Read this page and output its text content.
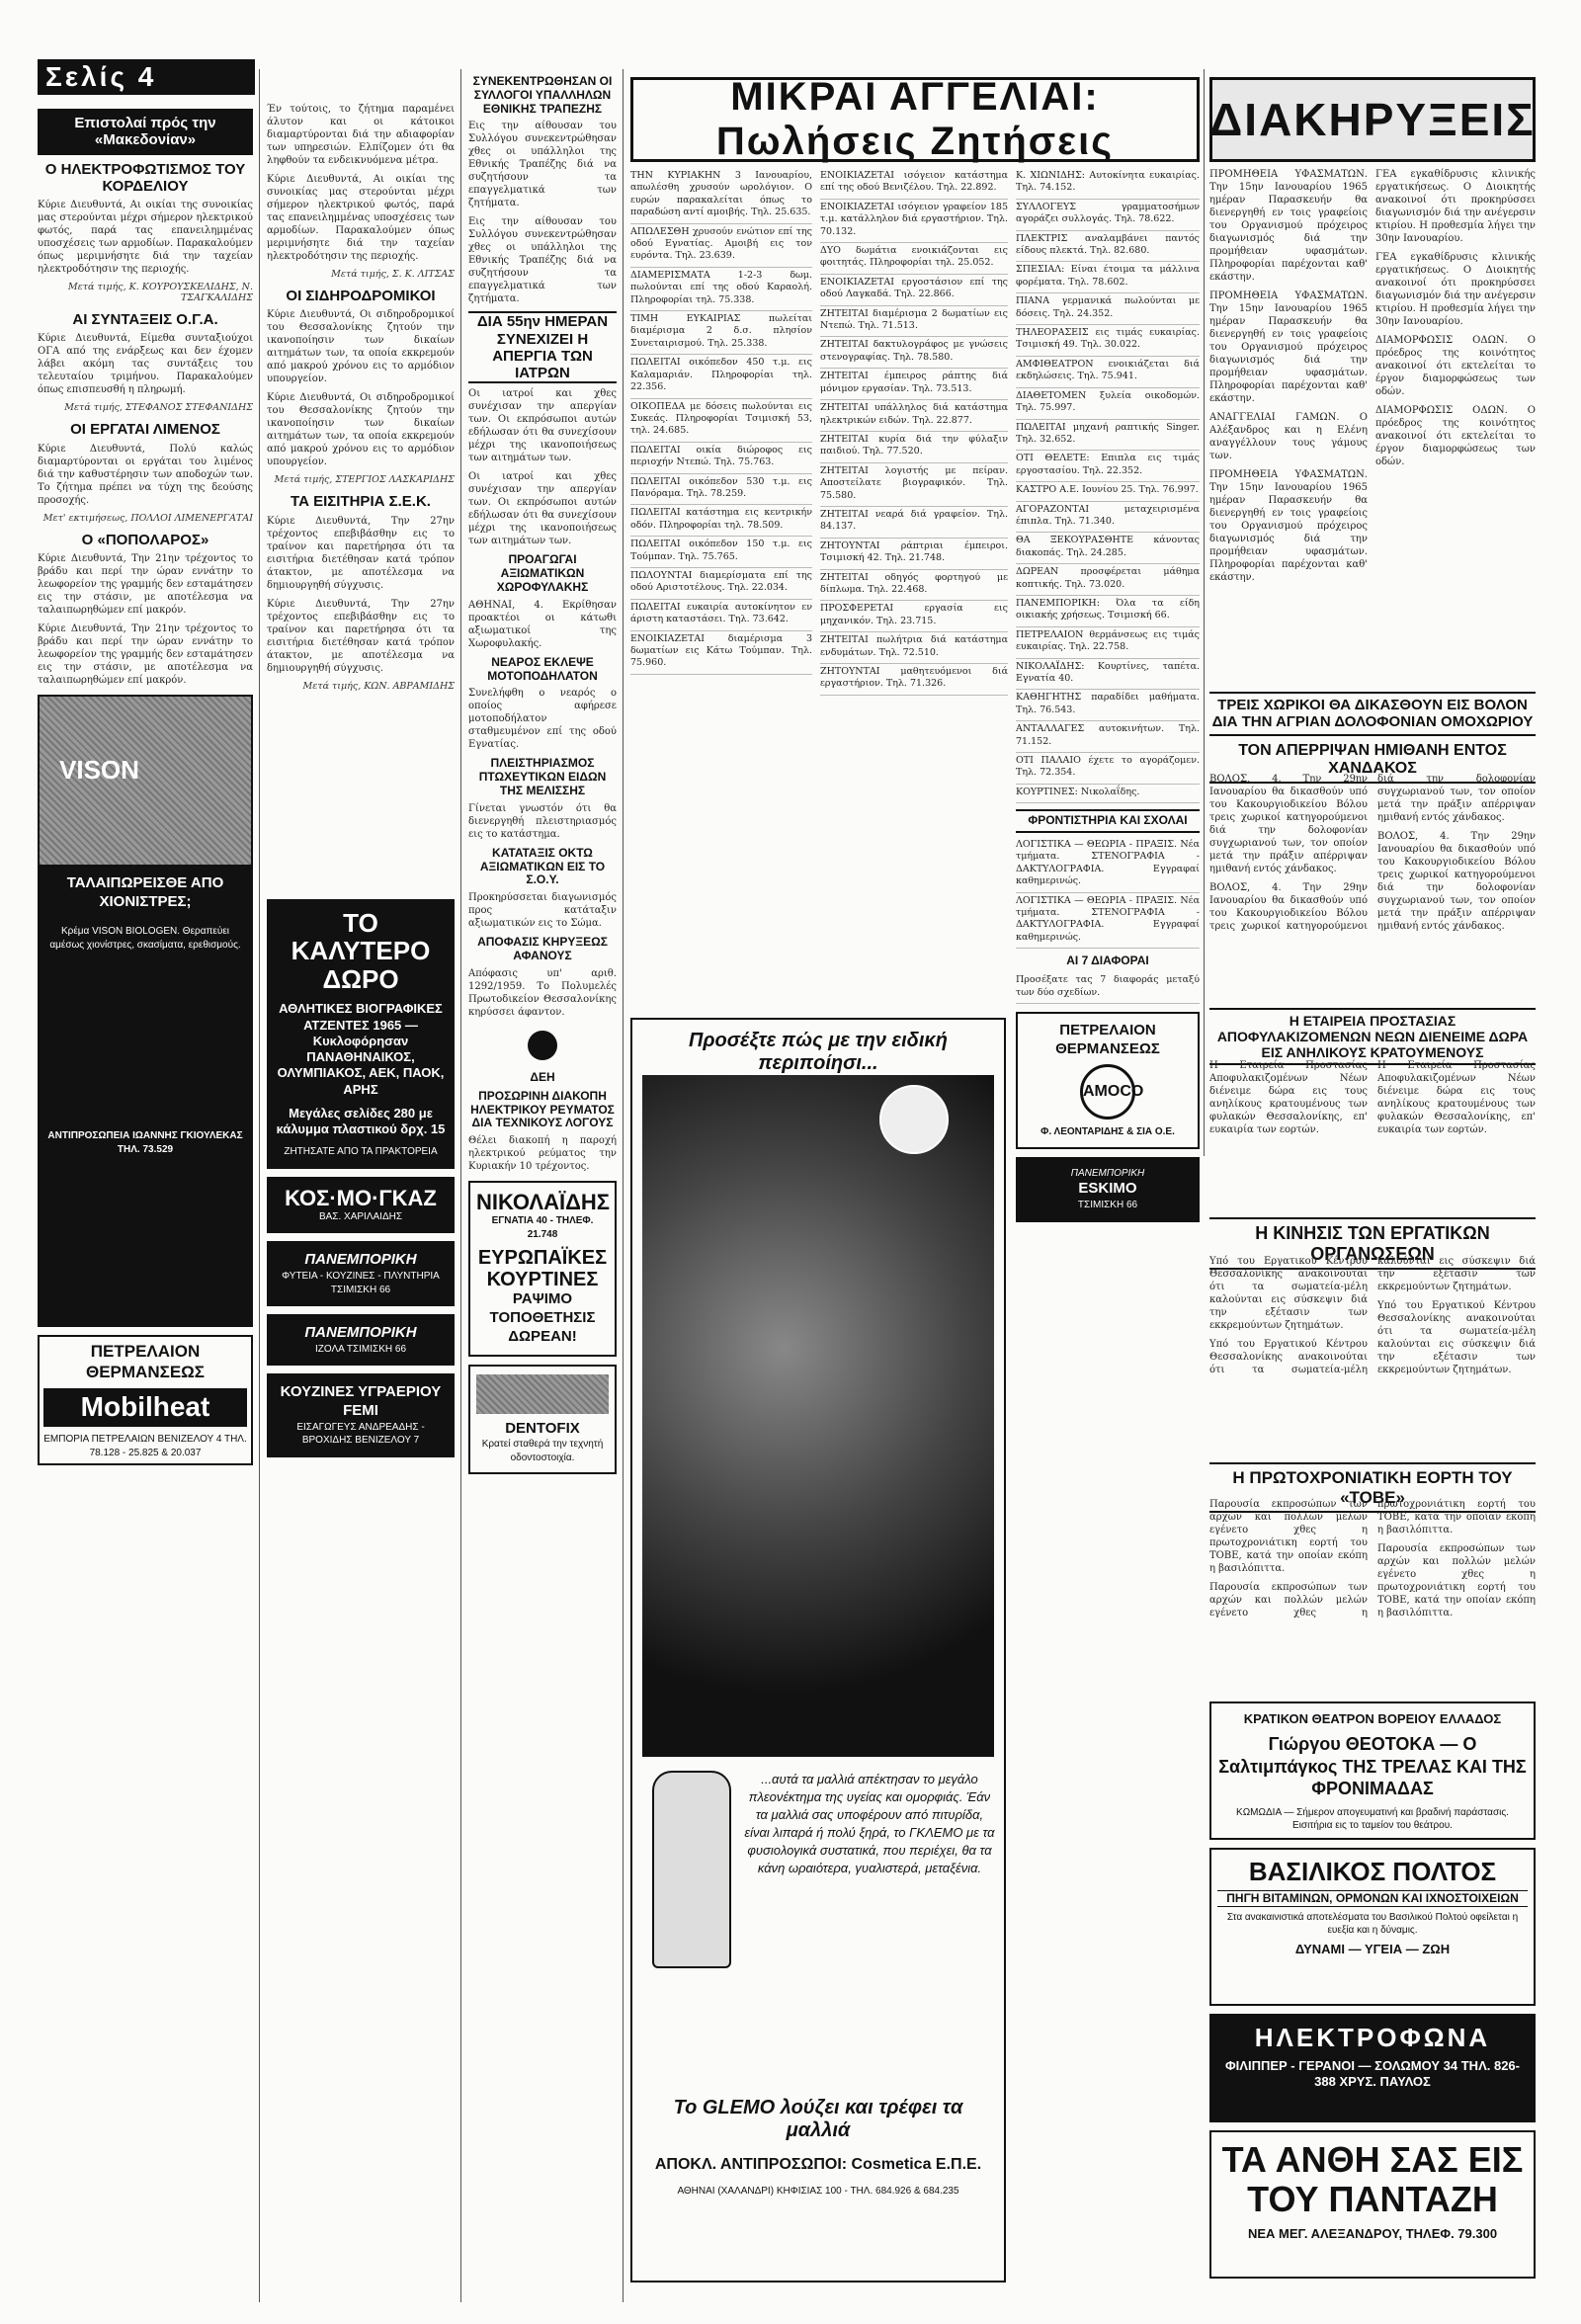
Σελίς 4	ΜΙΚΡΑΙ ΑΓΓΕΛΙΑΙ: Πωλήσεις Ζητήσεις	ΔΙΑΚΗΡΥΞΕΙΣ
Επιστολαί πρός την «Μακεδονίαν»
Ο ΗΛΕΚΤΡΟΦΩΤΙΣΜΟΣ ΤΟΥ ΚΟΡΔΕΛΙΟΥ

Κύριε Διευθυντά, Αι οικίαι της συνοικίας μας στερούνται μέχρι σήμερον ηλεκτρικού φωτός, παρά τας επανειλημμένας υποσχέσεις των αρμοδίων. Παρακαλούμεν όπως μεριμνήσητε διά την ταχείαν ηλεκτροδότησιν της περιοχής.

Μετά τιμής, Κ. ΚΟΥΡΟΥΣΚΕΛΙΔΗΣ, Ν. ΤΣΑΓΚΑΛΙΔΗΣ

ΑΙ ΣΥΝΤΑΞΕΙΣ Ο.Γ.Α.

Κύριε Διευθυντά, Είμεθα συνταξιούχοι ΟΓΑ από της ενάρξεως και δεν έχομεν λάβει ακόμη τας συντάξεις του τελευταίου τριμήνου. Παρακαλούμεν όπως επισπευσθή η πληρωμή.

Μετά τιμής, ΣΤΕΦΑΝΟΣ ΣΤΕΦΑΝΙΔΗΣ

ΟΙ ΕΡΓΑΤΑΙ ΛΙΜΕΝΟΣ

Κύριε Διευθυντά, Πολύ καλώς διαμαρτύρονται οι εργάται του λιμένος διά την καθυστέρησιν των αποδοχών των. Το ζήτημα πρέπει να τύχη της δεούσης προσοχής.

Μετ' εκτιμήσεως, ΠΟΛΛΟΙ ΛΙΜΕΝΕΡΓΑΤΑΙ

Ο «ΠΟΠΟΛΑΡΟΣ»

Κύριε Διευθυντά, Την 21ην τρέχοντος το βράδυ και περί την ώραν εννάτην το λεωφορείον της γραμμής δεν εσταμάτησεν εις την στάσιν, με αποτέλεσμα να ταλαιπωρηθώμεν επί μακρόν.

Κύριε Διευθυντά, Την 21ην τρέχοντος το βράδυ και περί την ώραν εννάτην το λεωφορείον της γραμμής δεν εσταμάτησεν εις την στάσιν, με αποτέλεσμα να ταλαιπωρηθώμεν επί μακρόν.

VISON
ΤΑΛΑΙΠΩΡΕΙΣΘΕ ΑΠΟ ΧΙΟΝΙΣΤΡΕΣ;
Κρέμα VISON BIOLOGEN. Θεραπεύει αμέσως χιονίστρες, σκασίματα, ερεθισμούς.
ΑΝΤΙΠΡΟΣΩΠΕΙΑ ΙΩΑΝΝΗΣ ΓΚΙΟΥΛΕΚΑΣ ΤΗΛ. 73.529
ΠΕΤΡΕΛΑΙΟΝ ΘΕΡΜΑΝΣΕΩΣ
Mobilheat
ΕΜΠΟΡΙΑ ΠΕΤΡΕΛΑΙΩΝ ΒΕΝΙΖΕΛΟΥ 4 ΤΗΛ. 78.128 - 25.825 & 20.037

Έν τούτοις, το ζήτημα παραμένει άλυτον και οι κάτοικοι διαμαρτύρονται διά την αδιαφορίαν των υπηρεσιών. Ελπίζομεν ότι θα ληφθούν τα ενδεικνυόμενα μέτρα.

Κύριε Διευθυντά, Αι οικίαι της συνοικίας μας στερούνται μέχρι σήμερον ηλεκτρικού φωτός, παρά τας επανειλημμένας υποσχέσεις των αρμοδίων. Παρακαλούμεν όπως μεριμνήσητε διά την ταχείαν ηλεκτροδότησιν της περιοχής.

Μετά τιμής, Σ. Κ. ΛΙΤΣΑΣ

ΟΙ ΣΙΔΗΡΟΔΡΟΜΙΚΟΙ

Κύριε Διευθυντά, Οι σιδηροδρομικοί του Θεσσαλονίκης ζητούν την ικανοποίησιν των δικαίων αιτημάτων των, τα οποία εκκρεμούν από μακρού χρόνου εις το αρμόδιον υπουργείον.

Κύριε Διευθυντά, Οι σιδηροδρομικοί του Θεσσαλονίκης ζητούν την ικανοποίησιν των δικαίων αιτημάτων των, τα οποία εκκρεμούν από μακρού χρόνου εις το αρμόδιον υπουργείον.

Μετά τιμής, ΣΤΕΡΓΙΟΣ ΛΑΣΚΑΡΙΔΗΣ

ΤΑ ΕΙΣΙΤΗΡΙΑ Σ.Ε.Κ.

Κύριε Διευθυντά, Την 27ην τρέχοντος επεβιβάσθην εις το τραίνον και παρετήρησα ότι τα εισιτήρια διετέθησαν κατά τρόπον άτακτον, με αποτέλεσμα να δημιουργηθή σύγχυσις.

Κύριε Διευθυντά, Την 27ην τρέχοντος επεβιβάσθην εις το τραίνον και παρετήρησα ότι τα εισιτήρια διετέθησαν κατά τρόπον άτακτον, με αποτέλεσμα να δημιουργηθή σύγχυσις.

Μετά τιμής, ΚΩΝ. ΑΒΡΑΜΙΔΗΣ

ΤΟ ΚΑΛΥΤΕΡΟ ΔΩΡΟ
ΑΘΛΗΤΙΚΕΣ ΒΙΟΓΡΑΦΙΚΕΣ ΑΤΖΕΝΤΕΣ 1965 — Κυκλοφόρησαν ΠΑΝΑΘΗΝΑΙΚΟΣ, ΟΛΥΜΠΙΑΚΟΣ, ΑΕΚ, ΠΑΟΚ, ΑΡΗΣ
Μεγάλες σελίδες 280 με κάλυμμα πλαστικού δρχ. 15
ΖΗΤΗΣΑΤΕ ΑΠΟ ΤΑ ΠΡΑΚΤΟΡΕΙΑ
ΚΟΣ·ΜΟ·ΓΚΑΖ
ΒΑΣ. ΧΑΡΙΛΑΙΔΗΣ
ΠΑΝΕΜΠΟΡΙΚΗ
ΦΥΤΕΙΑ - ΚΟΥΖΙΝΕΣ - ΠΛΥΝΤΗΡΙΑ ΤΣΙΜΙΣΚΗ 66
ΠΑΝΕΜΠΟΡΙΚΗ
ΙΖΟΛΑ ΤΣΙΜΙΣΚΗ 66
ΚΟΥΖΙΝΕΣ ΥΓΡΑΕΡΙΟΥ FEMI
ΕΙΣΑΓΩΓΕΥΣ ΑΝΔΡΕΑΔΗΣ - ΒΡΟΧΙΔΗΣ ΒΕΝΙΖΕΛΟΥ 7
ΣΥΝΕΚΕΝΤΡΩΘΗΣΑΝ ΟΙ ΣΥΛΛΟΓΟΙ ΥΠΑΛΛΗΛΩΝ ΕΘΝΙΚΗΣ ΤΡΑΠΕΖΗΣ

Εις την αίθουσαν του Συλλόγου συνεκεντρώθησαν χθες οι υπάλληλοι της Εθνικής Τραπέζης διά να συζητήσουν τα επαγγελματικά των ζητήματα.

Εις την αίθουσαν του Συλλόγου συνεκεντρώθησαν χθες οι υπάλληλοι της Εθνικής Τραπέζης διά να συζητήσουν τα επαγγελματικά των ζητήματα.

ΔΙΑ 55ην ΗΜΕΡΑΝ ΣΥΝΕΧΙΖΕΙ Η ΑΠΕΡΓΙΑ ΤΩΝ ΙΑΤΡΩΝ

Οι ιατροί και χθες συνέχισαν την απεργίαν των. Οι εκπρόσωποι αυτών εδήλωσαν ότι θα συνεχίσουν μέχρι της ικανοποιήσεως των αιτημάτων των.

Οι ιατροί και χθες συνέχισαν την απεργίαν των. Οι εκπρόσωποι αυτών εδήλωσαν ότι θα συνεχίσουν μέχρι της ικανοποιήσεως των αιτημάτων των.

ΠΡΟΑΓΩΓΑΙ ΑΞΙΩΜΑΤΙΚΩΝ ΧΩΡΟΦΥΛΑΚΗΣ

ΑΘΗΝΑΙ, 4. Εκρίθησαν προακτέοι οι κάτωθι αξιωματικοί της Χωροφυλακής.

ΝΕΑΡΟΣ ΕΚΛΕΨΕ ΜΟΤΟΠΟΔΗΛΑΤΟΝ

Συνελήφθη ο νεαρός ο οποίος αφήρεσε μοτοποδήλατον σταθμευμένον επί της οδού Εγνατίας.

ΠΛΕΙΣΤΗΡΙΑΣΜΟΣ ΠΤΩΧΕΥΤΙΚΩΝ ΕΙΔΩΝ ΤΗΣ ΜΕΛΙΣΣΗΣ

Γίνεται γνωστόν ότι θα διενεργηθή πλειστηριασμός εις το κατάστημα.

ΚΑΤΑΤΑΞΙΣ ΟΚΤΩ ΑΞΙΩΜΑΤΙΚΩΝ ΕΙΣ ΤΟ Σ.Ο.Υ.

Προκηρύσσεται διαγωνισμός προς κατάταξιν αξιωματικών εις το Σώμα.

ΑΠΟΦΑΣΙΣ ΚΗΡΥΞΕΩΣ ΑΦΑΝΟΥΣ

Απόφασις υπ' αριθ. 1292/1959. Το Πολυμελές Πρωτοδικείον Θεσσαλονίκης κηρύσσει άφαντον.

ΔΕΗ
ΠΡΟΣΩΡΙΝΗ ΔΙΑΚΟΠΗ ΗΛΕΚΤΡΙΚΟΥ ΡΕΥΜΑΤΟΣ ΔΙΑ ΤΕΧΝΙΚΟΥΣ ΛΟΓΟΥΣ

Θέλει διακοπή η παροχή ηλεκτρικού ρεύματος την Κυριακήν 10 τρέχοντος.

ΝΙΚΟΛΑΪΔΗΣ
ΕΓΝΑΤΙΑ 40 - ΤΗΛΕΦ. 21.748
ΕΥΡΩΠΑΪΚΕΣ ΚΟΥΡΤΙΝΕΣ
ΡΑΨΙΜΟ ΤΟΠΟΘΕΤΗΣΙΣ ΔΩΡΕΑΝ!
DENTOFIX
Κρατεί σταθερά την τεχνητή οδοντοστοιχία.
ΤΗΝ ΚΥΡΙΑΚΗΝ 3 Ιανουαρίου, απωλέσθη χρυσούν ωρολόγιον. Ο ευρών παρακαλείται όπως το παραδώση αντί αμοιβής. Τηλ. 25.635.
ΑΠΩΛΕΣΘΗ χρυσούν ενώτιον επί της οδού Εγνατίας. Αμοιβή εις τον ευρόντα. Τηλ. 23.639.
ΔΙΑΜΕΡΙΣΜΑΤΑ 1-2-3 δωμ. πωλούνται επί της οδού Καραολή. Πληροφορίαι τηλ. 75.338.
ΤΙΜΗ ΕΥΚΑΙΡΙΑΣ πωλείται διαμέρισμα 2 δ.σ. πλησίον Συνεταιρισμού. Τηλ. 25.338.
ΠΩΛΕΙΤΑΙ οικόπεδον 450 τ.μ. εις Καλαμαριάν. Πληροφορίαι τηλ. 22.356.
ΟΙΚΟΠΕΔΑ με δόσεις πωλούνται εις Συκεάς. Πληροφορίαι Τσιμισκή 53, τηλ. 24.685.
ΠΩΛΕΙΤΑΙ οικία διώροφος εις περιοχήν Ντεπώ. Τηλ. 75.763.
ΠΩΛΕΙΤΑΙ οικόπεδον 530 τ.μ. εις Πανόραμα. Τηλ. 78.259.
ΠΩΛΕΙΤΑΙ κατάστημα εις κεντρικήν οδόν. Πληροφορίαι τηλ. 78.509.
ΠΩΛΕΙΤΑΙ οικόπεδον 150 τ.μ. εις Τούμπαν. Τηλ. 75.765.
ΠΩΛΟΥΝΤΑΙ διαμερίσματα επί της οδού Αριστοτέλους. Τηλ. 22.034.
ΠΩΛΕΙΤΑΙ ευκαιρία αυτοκίνητον εν άριστη καταστάσει. Τηλ. 73.642.
ΕΝΟΙΚΙΑΖΕΤΑΙ διαμέρισμα 3 δωματίων εις Κάτω Τούμπαν. Τηλ. 75.960.
ΕΝΟΙΚΙΑΖΕΤΑΙ ισόγειον κατάστημα επί της οδού Βενιζέλου. Τηλ. 22.892.
ΕΝΟΙΚΙΑΖΕΤΑΙ ισόγειον γραφείον 185 τ.μ. κατάλληλον διά εργαστήριον. Τηλ. 70.132.
ΔΥΟ δωμάτια ενοικιάζονται εις φοιτητάς. Πληροφορίαι τηλ. 25.052.
ΕΝΟΙΚΙΑΖΕΤΑΙ εργοστάσιον επί της οδού Λαγκαδά. Τηλ. 22.866.
ΖΗΤΕΙΤΑΙ διαμέρισμα 2 δωματίων εις Ντεπώ. Τηλ. 71.513.
ΖΗΤΕΙΤΑΙ δακτυλογράφος με γνώσεις στενογραφίας. Τηλ. 78.580.
ΖΗΤΕΙΤΑΙ έμπειρος ράπτης διά μόνιμον εργασίαν. Τηλ. 73.513.
ΖΗΤΕΙΤΑΙ υπάλληλος διά κατάστημα ηλεκτρικών ειδών. Τηλ. 22.877.
ΖΗΤΕΙΤΑΙ κυρία διά την φύλαξιν παιδιού. Τηλ. 77.520.
ΖΗΤΕΙΤΑΙ λογιστής με πείραν. Αποστείλατε βιογραφικόν. Τηλ. 75.580.
ΖΗΤΕΙΤΑΙ νεαρά διά γραφείον. Τηλ. 84.137.
ΖΗΤΟΥΝΤΑΙ ράπτριαι έμπειροι. Τσιμισκή 42. Τηλ. 21.748.
ΖΗΤΕΙΤΑΙ οδηγός φορτηγού με δίπλωμα. Τηλ. 22.468.
ΠΡΟΣΦΕΡΕΤΑΙ εργασία εις μηχανικόν. Τηλ. 23.715.
ΖΗΤΕΙΤΑΙ πωλήτρια διά κατάστημα ενδυμάτων. Τηλ. 72.510.
ΖΗΤΟΥΝΤΑΙ μαθητευόμενοι διά εργαστήριον. Τηλ. 71.326.
Κ. ΧΙΩΝΙΔΗΣ: Αυτοκίνητα ευκαιρίας. Τηλ. 74.152.
ΣΥΛΛΟΓΕΥΣ γραμματοσήμων αγοράζει συλλογάς. Τηλ. 78.622.
ΠΛΕΚΤΡΙΣ αναλαμβάνει παντός είδους πλεκτά. Τηλ. 82.680.
ΣΠΕΣΙΑΛ: Είναι έτοιμα τα μάλλινα φορέματα. Τηλ. 78.602.
ΠΙΑΝΑ γερμανικά πωλούνται με δόσεις. Τηλ. 24.352.
ΤΗΛΕΟΡΑΣΕΙΣ εις τιμάς ευκαιρίας. Τσιμισκή 49. Τηλ. 30.022.
ΑΜΦΙΘΕΑΤΡΟΝ ενοικιάζεται διά εκδηλώσεις. Τηλ. 75.941.
ΔΙΑΘΕΤΟΜΕΝ ξυλεία οικοδομών. Τηλ. 75.997.
ΠΩΛΕΙΤΑΙ μηχανή ραπτικής Singer. Τηλ. 32.652.
ΟΤΙ ΘΕΛΕΤΕ: Επιπλα εις τιμάς εργοστασίου. Τηλ. 22.352.
ΚΑΣΤΡΟ Α.Ε. Ιουνίου 25. Τηλ. 76.997.
ΑΓΟΡΑΖΟΝΤΑΙ μεταχειρισμένα έπιπλα. Τηλ. 71.340.
ΘΑ ΞΕΚΟΥΡΑΣΘΗΤΕ κάνοντας διακοπάς. Τηλ. 24.285.
ΔΩΡΕΑΝ προσφέρεται μάθημα κοπτικής. Τηλ. 73.020.
ΠΑΝΕΜΠΟΡΙΚΗ: Όλα τα είδη οικιακής χρήσεως. Τσιμισκή 66.
ΠΕΤΡΕΛΑΙΟΝ θερμάνσεως εις τιμάς ευκαιρίας. Τηλ. 22.758.
ΝΙΚΟΛΑΪΔΗΣ: Κουρτίνες, ταπέτα. Εγνατία 40.
ΚΑΘΗΓΗΤΗΣ παραδίδει μαθήματα. Τηλ. 76.543.
ΑΝΤΑΛΛΑΓΕΣ αυτοκινήτων. Τηλ. 71.152.
ΟΤΙ ΠΑΛΑΙΟ έχετε το αγοράζομεν. Τηλ. 72.354.
ΚΟΥΡΤΙΝΕΣ: Νικολαΐδης.
ΦΡΟΝΤΙΣΤΗΡΙΑ ΚΑΙ ΣΧΟΛΑΙ
ΛΟΓΙΣΤΙΚΑ — ΘΕΩΡΙΑ - ΠΡΑΞΙΣ. Νέα τμήματα. ΣΤΕΝΟΓΡΑΦΙΑ - ΔΑΚΤΥΛΟΓΡΑΦΙΑ. Εγγραφαί καθημερινώς.
ΛΟΓΙΣΤΙΚΑ — ΘΕΩΡΙΑ - ΠΡΑΞΙΣ. Νέα τμήματα. ΣΤΕΝΟΓΡΑΦΙΑ - ΔΑΚΤΥΛΟΓΡΑΦΙΑ. Εγγραφαί καθημερινώς.
ΑΙ 7 ΔΙΑΦΟΡΑΙ
Προσέξατε τας 7 διαφοράς μεταξύ των δύο σχεδίων.
ΠΕΤΡΕΛΑΙΟΝ ΘΕΡΜΑΝΣΕΩΣ
AMOCO
Φ. ΛΕΟΝΤΑΡΙΔΗΣ & ΣΙΑ Ο.Ε.
ΠΑΝΕΜΠΟΡΙΚΗ
ESKIMO
ΤΣΙΜΙΣΚΗ 66
Προσέξτε πώς με την ειδική περιποίησι...
...αυτά τα μαλλιά απέκτησαν το μεγάλο πλεονέκτημα της υγείας και ομορφιάς. Έάν τα μαλλιά σας υποφέρουν από πιτυρίδα, είναι λιπαρά ή πολύ ξηρά, το ΓΚΛΕΜΟ με τα φυσιολογικά συστατικά, που περιέχει, θα τα κάνη ωραιότερα, γυαλιστερά, μεταξένια.
Το GLEMO λούζει και τρέφει τα μαλλιά
ΑΠΟΚΛ. ΑΝΤΙΠΡΟΣΩΠΟΙ: Cosmetica Ε.Π.Ε.
ΑΘΗΝΑΙ (ΧΑΛΑΝΔΡΙ) ΚΗΦΙΣΙΑΣ 100 - ΤΗΛ. 684.926 & 684.235

ΠΡΟΜΗΘΕΙΑ ΥΦΑΣΜΑΤΩΝ. Την 15ην Ιανουαρίου 1965 ημέραν Παρασκευήν θα διενεργηθή εν τοις γραφείοις του Οργανισμού πρόχειρος διαγωνισμός διά την προμήθειαν υφασμάτων. Πληροφορίαι παρέχονται καθ' εκάστην.

ΠΡΟΜΗΘΕΙΑ ΥΦΑΣΜΑΤΩΝ. Την 15ην Ιανουαρίου 1965 ημέραν Παρασκευήν θα διενεργηθή εν τοις γραφείοις του Οργανισμού πρόχειρος διαγωνισμός διά την προμήθειαν υφασμάτων. Πληροφορίαι παρέχονται καθ' εκάστην.

ΑΝΑΓΓΕΛΙΑΙ ΓΑΜΩΝ. Ο Αλέξανδρος και η Ελένη αναγγέλλουν τους γάμους των.

ΠΡΟΜΗΘΕΙΑ ΥΦΑΣΜΑΤΩΝ. Την 15ην Ιανουαρίου 1965 ημέραν Παρασκευήν θα διενεργηθή εν τοις γραφείοις του Οργανισμού πρόχειρος διαγωνισμός διά την προμήθειαν υφασμάτων. Πληροφορίαι παρέχονται καθ' εκάστην.

ΓΕΑ εγκαθίδρυσις κλινικής εργατικήσεως. Ο Διοικητής ανακοινοί ότι προκηρύσσει διαγωνισμόν διά την ανέγερσιν κτιρίου. Η προθεσμία λήγει την 30ην Ιανουαρίου.

ΓΕΑ εγκαθίδρυσις κλινικής εργατικήσεως. Ο Διοικητής ανακοινοί ότι προκηρύσσει διαγωνισμόν διά την ανέγερσιν κτιρίου. Η προθεσμία λήγει την 30ην Ιανουαρίου.

ΔΙΑΜΟΡΦΩΣΙΣ ΟΔΩΝ. Ο πρόεδρος της κοινότητος ανακοινοί ότι εκτελείται το έργον διαμορφώσεως των οδών.

ΔΙΑΜΟΡΦΩΣΙΣ ΟΔΩΝ. Ο πρόεδρος της κοινότητος ανακοινοί ότι εκτελείται το έργον διαμορφώσεως των οδών.

ΤΡΕΙΣ ΧΩΡΙΚΟΙ ΘΑ ΔΙΚΑΣΘΟΥΝ ΕΙΣ ΒΟΛΟΝ ΔΙΑ ΤΗΝ ΑΓΡΙΑΝ ΔΟΛΟΦΟΝΙΑΝ ΟΜΟΧΩΡΙΟΥ
ΤΟΝ ΑΠΕΡΡΙΨΑΝ ΗΜΙΘΑΝΗ ΕΝΤΟΣ ΧΑΝΔΑΚΟΣ

ΒΟΛΟΣ, 4. Την 29ην Ιανουαρίου θα δικασθούν υπό του Κακουργιοδικείου Βόλου τρεις χωρικοί κατηγορούμενοι διά την δολοφονίαν συγχωριανού των, τον οποίον μετά την πράξιν απέρριψαν ημιθανή εντός χάνδακος.

ΒΟΛΟΣ, 4. Την 29ην Ιανουαρίου θα δικασθούν υπό του Κακουργιοδικείου Βόλου τρεις χωρικοί κατηγορούμενοι διά την δολοφονίαν συγχωριανού των, τον οποίον μετά την πράξιν απέρριψαν ημιθανή εντός χάνδακος.

ΒΟΛΟΣ, 4. Την 29ην Ιανουαρίου θα δικασθούν υπό του Κακουργιοδικείου Βόλου τρεις χωρικοί κατηγορούμενοι διά την δολοφονίαν συγχωριανού των, τον οποίον μετά την πράξιν απέρριψαν ημιθανή εντός χάνδακος.

Η ΕΤΑΙΡΕΙΑ ΠΡΟΣΤΑΣΙΑΣ ΑΠΟΦΥΛΑΚΙΖΟΜΕΝΩΝ ΝΕΩΝ ΔΙΕΝΕΙΜΕ ΔΩΡΑ ΕΙΣ ΑΝΗΛΙΚΟΥΣ ΚΡΑΤΟΥΜΕΝΟΥΣ

Η Εταιρεία Προστασίας Αποφυλακιζομένων Νέων διένειμε δώρα εις τους ανηλίκους κρατουμένους των φυλακών Θεσσαλονίκης, επ' ευκαιρία των εορτών.

Η Εταιρεία Προστασίας Αποφυλακιζομένων Νέων διένειμε δώρα εις τους ανηλίκους κρατουμένους των φυλακών Θεσσαλονίκης, επ' ευκαιρία των εορτών.

Η ΚΙΝΗΣΙΣ ΤΩΝ ΕΡΓΑΤΙΚΩΝ ΟΡΓΑΝΩΣΕΩΝ

Υπό του Εργατικού Κέντρου Θεσσαλονίκης ανακοινούται ότι τα σωματεία-μέλη καλούνται εις σύσκεψιν διά την εξέτασιν των εκκρεμούντων ζητημάτων.

Υπό του Εργατικού Κέντρου Θεσσαλονίκης ανακοινούται ότι τα σωματεία-μέλη καλούνται εις σύσκεψιν διά την εξέτασιν των εκκρεμούντων ζητημάτων.

Υπό του Εργατικού Κέντρου Θεσσαλονίκης ανακοινούται ότι τα σωματεία-μέλη καλούνται εις σύσκεψιν διά την εξέτασιν των εκκρεμούντων ζητημάτων.

Η ΠΡΩΤΟΧΡΟΝΙΑΤΙΚΗ ΕΟΡΤΗ ΤΟΥ «ΤΟΒΕ»

Παρουσία εκπροσώπων των αρχών και πολλών μελών εγένετο χθες η πρωτοχρονιάτικη εορτή του ΤΟΒΕ, κατά την οποίαν εκόπη η βασιλόπιττα.

Παρουσία εκπροσώπων των αρχών και πολλών μελών εγένετο χθες η πρωτοχρονιάτικη εορτή του ΤΟΒΕ, κατά την οποίαν εκόπη η βασιλόπιττα.

Παρουσία εκπροσώπων των αρχών και πολλών μελών εγένετο χθες η πρωτοχρονιάτικη εορτή του ΤΟΒΕ, κατά την οποίαν εκόπη η βασιλόπιττα.

ΚΡΑΤΙΚΟΝ ΘΕΑΤΡΟΝ ΒΟΡΕΙΟΥ ΕΛΛΑΔΟΣ
Γιώργου ΘΕΟΤΟΚΑ — Ο Σαλτιμπάγκος ΤΗΣ ΤΡΕΛΑΣ ΚΑΙ ΤΗΣ ΦΡΟΝΙΜΑΔΑΣ
ΚΩΜΩΔΙΑ — Σήμερον απογευματινή και βραδινή παράστασις. Εισιτήρια εις το ταμείον του θεάτρου.
ΒΑΣΙΛΙΚΟΣ ΠΟΛΤΟΣ
ΠΗΓΗ ΒΙΤΑΜΙΝΩΝ, ΟΡΜΟΝΩΝ ΚΑΙ ΙΧΝΟΣΤΟΙΧΕΙΩΝ
Στα ανακαινιστικά αποτελέσματα του Βασιλικού Πολτού οφείλεται η ευεξία και η δύναμις.
ΔΥΝΑΜΙ — ΥΓΕΙΑ — ΖΩΗ
ΗΛΕΚΤΡΟΦΩΝΑ
ΦΙΛΙΠΠΕΡ - ΓΕΡΑΝΟΙ — ΣΟΛΩΜΟΥ 34 ΤΗΛ. 826-388 ΧΡΥΣ. ΠΑΥΛΟΣ
ΤΑ ΑΝΘΗ ΣΑΣ ΕΙΣ ΤΟΥ ΠΑΝΤΑΖΗ
ΝΕΑ ΜΕΓ. ΑΛΕΞΑΝΔΡΟΥ, ΤΗΛΕΦ. 79.300
